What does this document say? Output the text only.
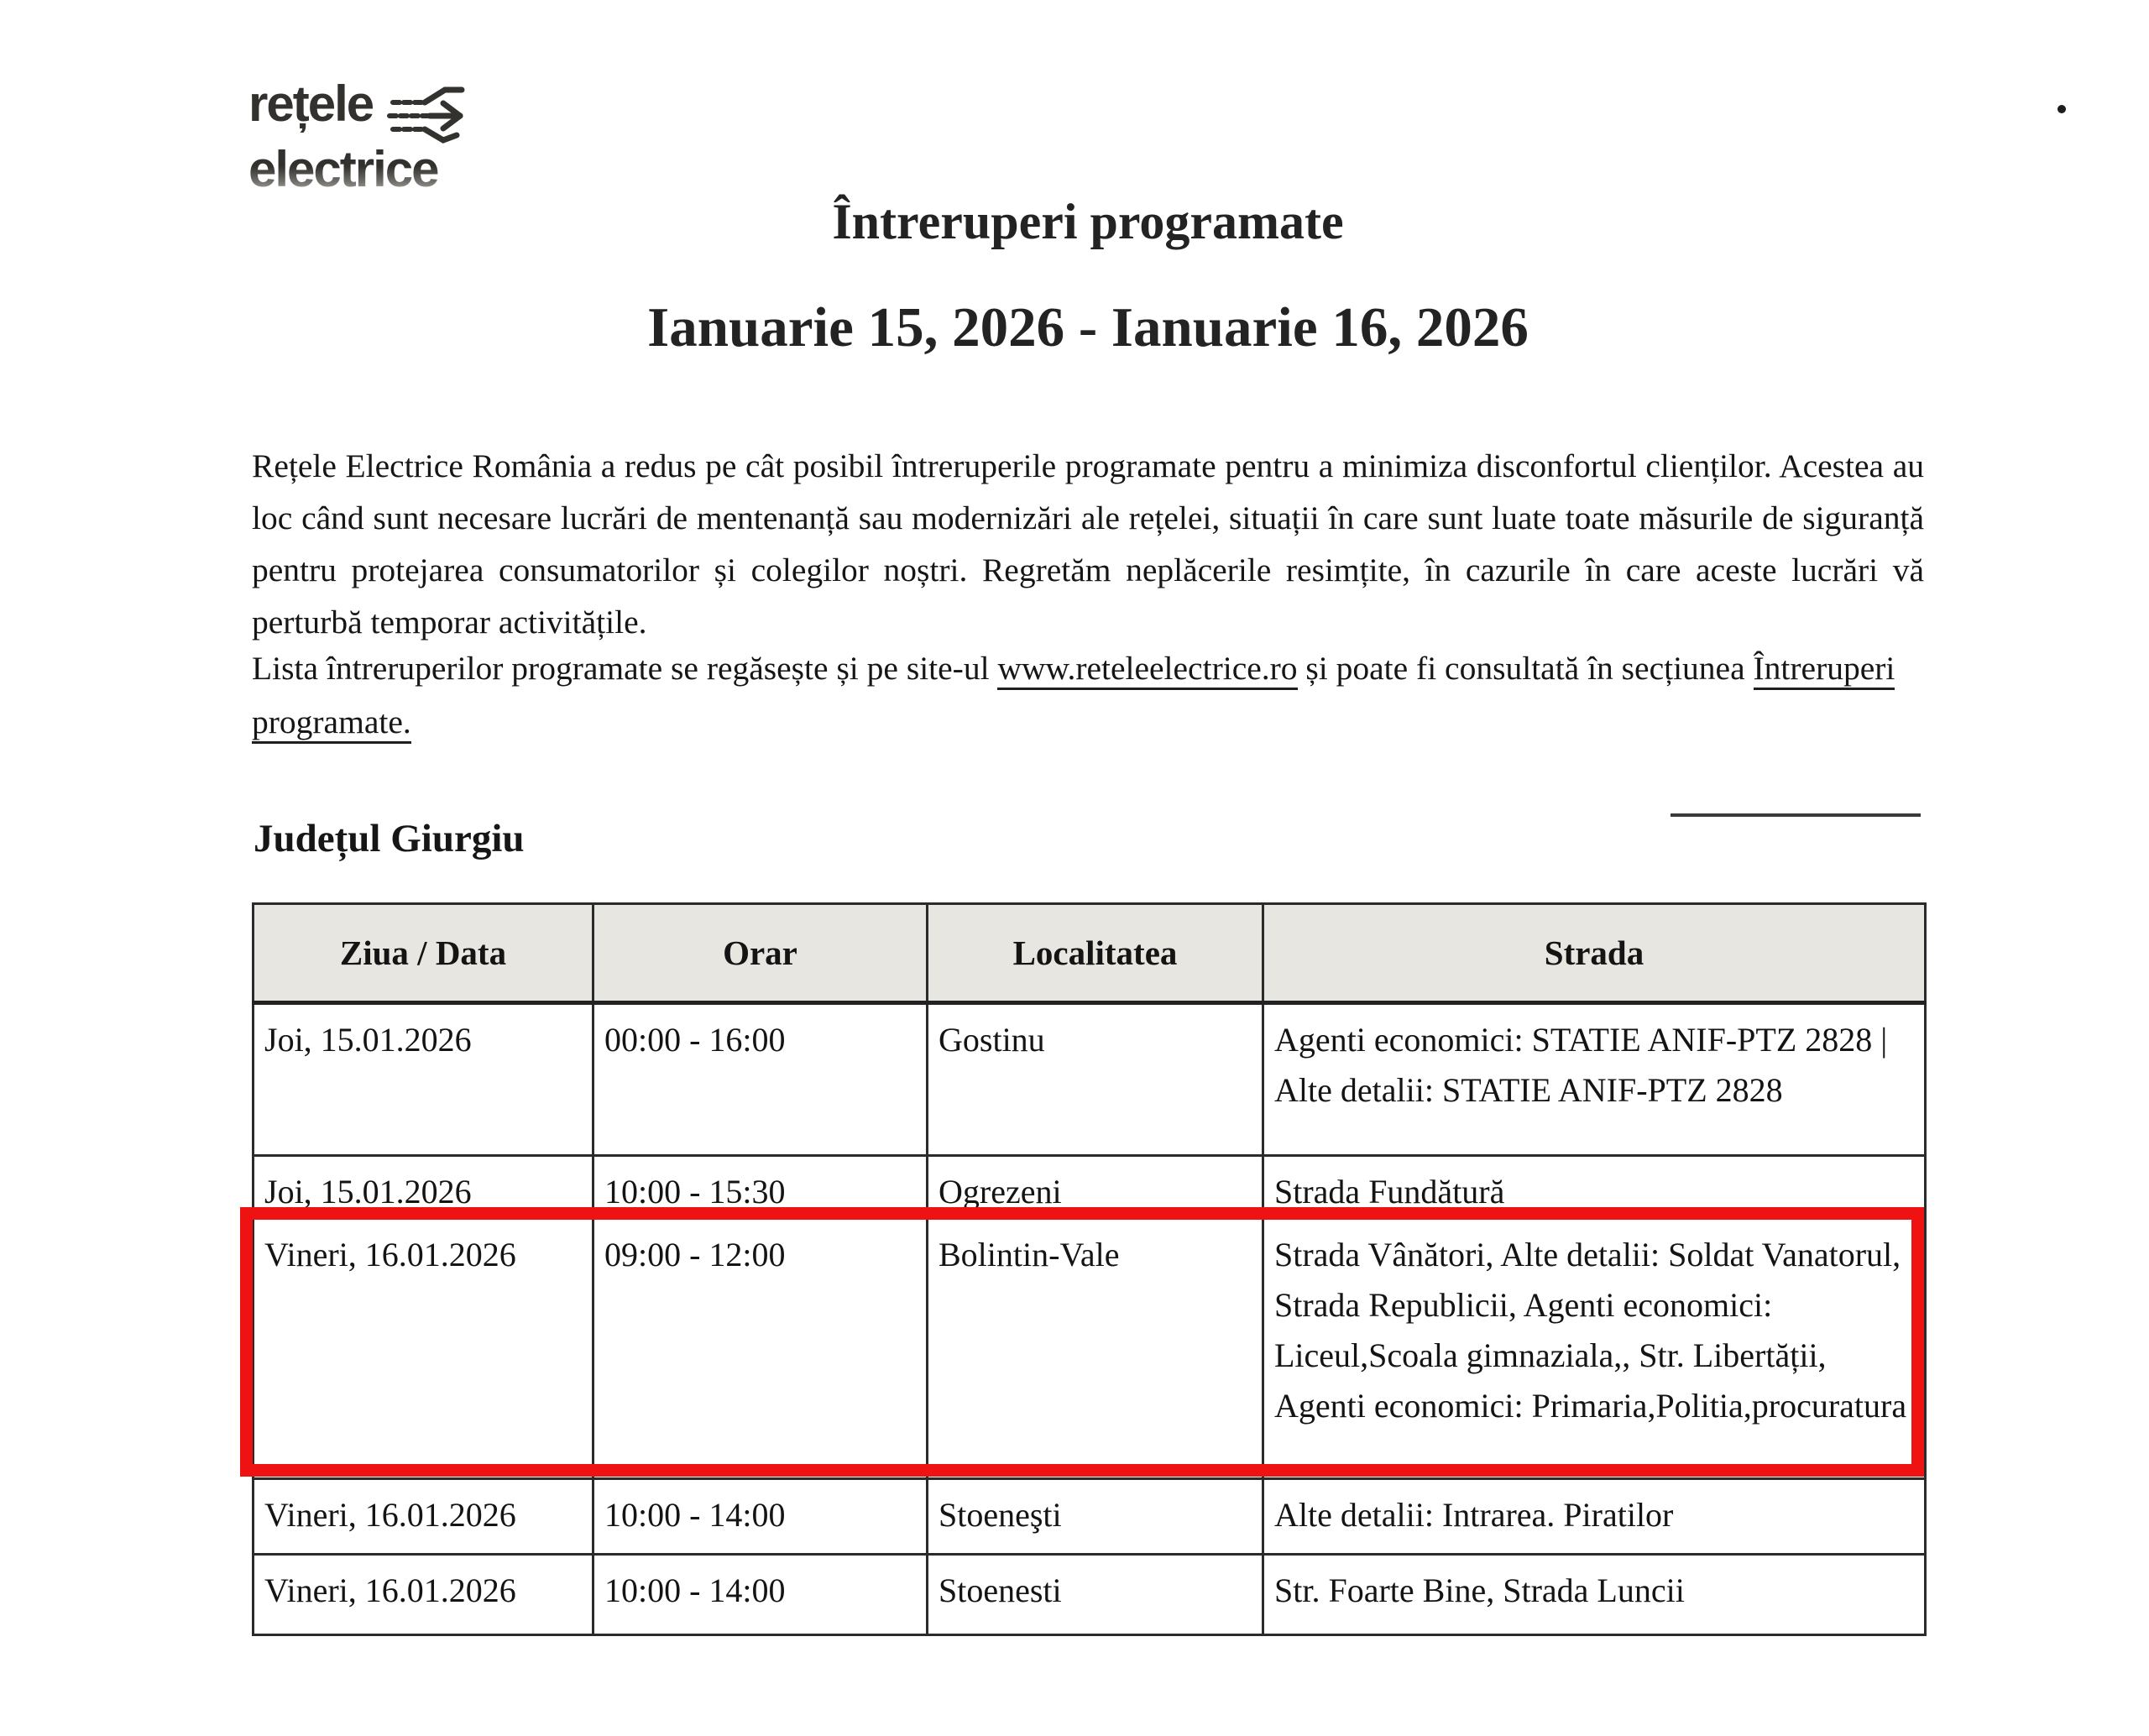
rețele
electrice
Întreruperi programate
Ianuarie 15, 2026 - Ianuarie 16, 2026

Rețele Electrice România a redus pe cât posibil întreruperile programate pentru a minimiza disconfortul clienților. Acestea au loc când sunt necesare lucrări de mentenanță sau modernizări ale rețelei, situații în care sunt luate toate măsurile de siguranță pentru protejarea consumatorilor și colegilor noștri. Regretăm neplăcerile resimțite, în cazurile în care aceste lucrări vă perturbă temporar activitățile.

Lista întreruperilor programate se regăsește și pe site-ul www.reteleelectrice.ro și poate fi consultată în secțiunea Întreruperi programate.

Județul Giurgiu
Ziua / Data	Orar	Localitatea	Strada
Joi, 15.01.2026	00:00 - 16:00	Gostinu	Agenti economici: STATIE ANIF-PTZ 2828 | Alte detalii: STATIE ANIF-PTZ 2828
Joi, 15.01.2026	10:00 - 15:30	Ogrezeni	Strada Fundătură
Vineri, 16.01.2026	09:00 - 12:00	Bolintin-Vale	Strada Vânători, Alte detalii: Soldat Vanatorul, Strada Republicii, Agenti economici: Liceul,Scoala gimnaziala,, Str. Libertății, Agenti economici: Primaria,Politia,procuratura
Vineri, 16.01.2026	10:00 - 14:00	Stoeneşti	Alte detalii: Intrarea. Piratilor
Vineri, 16.01.2026	10:00 - 14:00	Stoenesti	Str. Foarte Bine, Strada Luncii
